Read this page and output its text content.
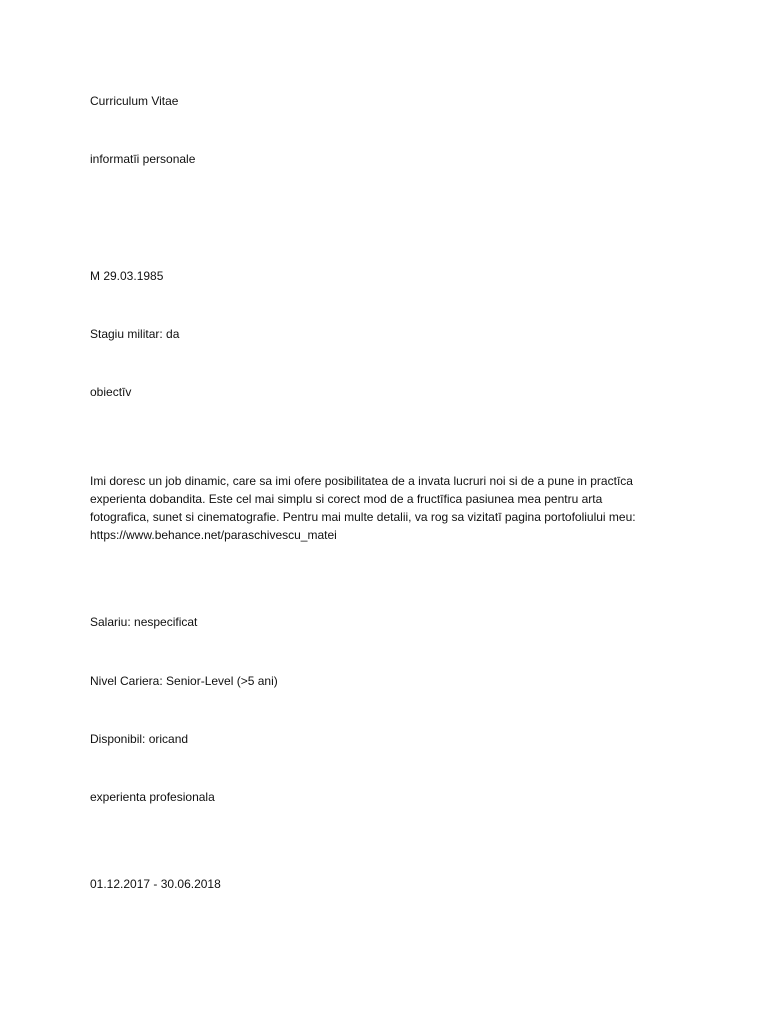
Curriculum Vitae

informatīi personale

M 29.03.1985

Stagiu militar: da

obiectīv

Imi doresc un job dinamic, care sa imi ofere posibilitatea de a invata lucruri noi si de a pune in practīca
experienta dobandita. Este cel mai simplu si corect mod de a fructīfica pasiunea mea pentru arta
fotografica, sunet si cinematografie. Pentru mai multe detalii, va rog sa vizitatī pagina portofoliului meu:
https://www.behance.net/paraschivescu_matei

Salariu: nespecificat

Nivel Cariera: Senior-Level (>5 ani)

Disponibil: oricand

experienta profesionala

01.12.2017 - 30.06.2018
